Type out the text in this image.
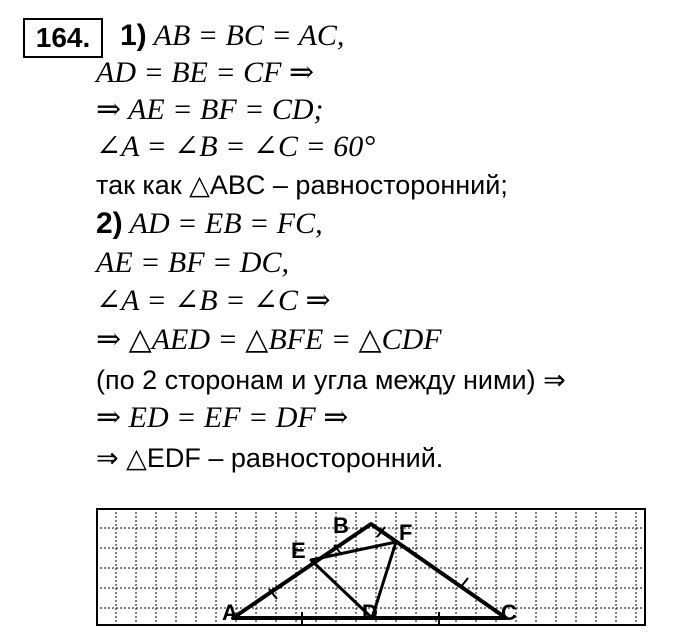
164. 1) AB = BC = AC,
AD = BE = CF ⇒
⇒ AE = BF = CD;
∠A = ∠B = ∠C = 60°
так как △ABC – равносторонний;
2) AD = EB = FC,
AE = BF = DC,
∠A = ∠B = ∠C ⇒
⇒ △AED = △BFE = △CDF
(по 2 сторонам и угла между ними) ⇒
⇒ ED = EF = DF ⇒
⇒ △EDF – равносторонний.
A
B
C
D
E
F
